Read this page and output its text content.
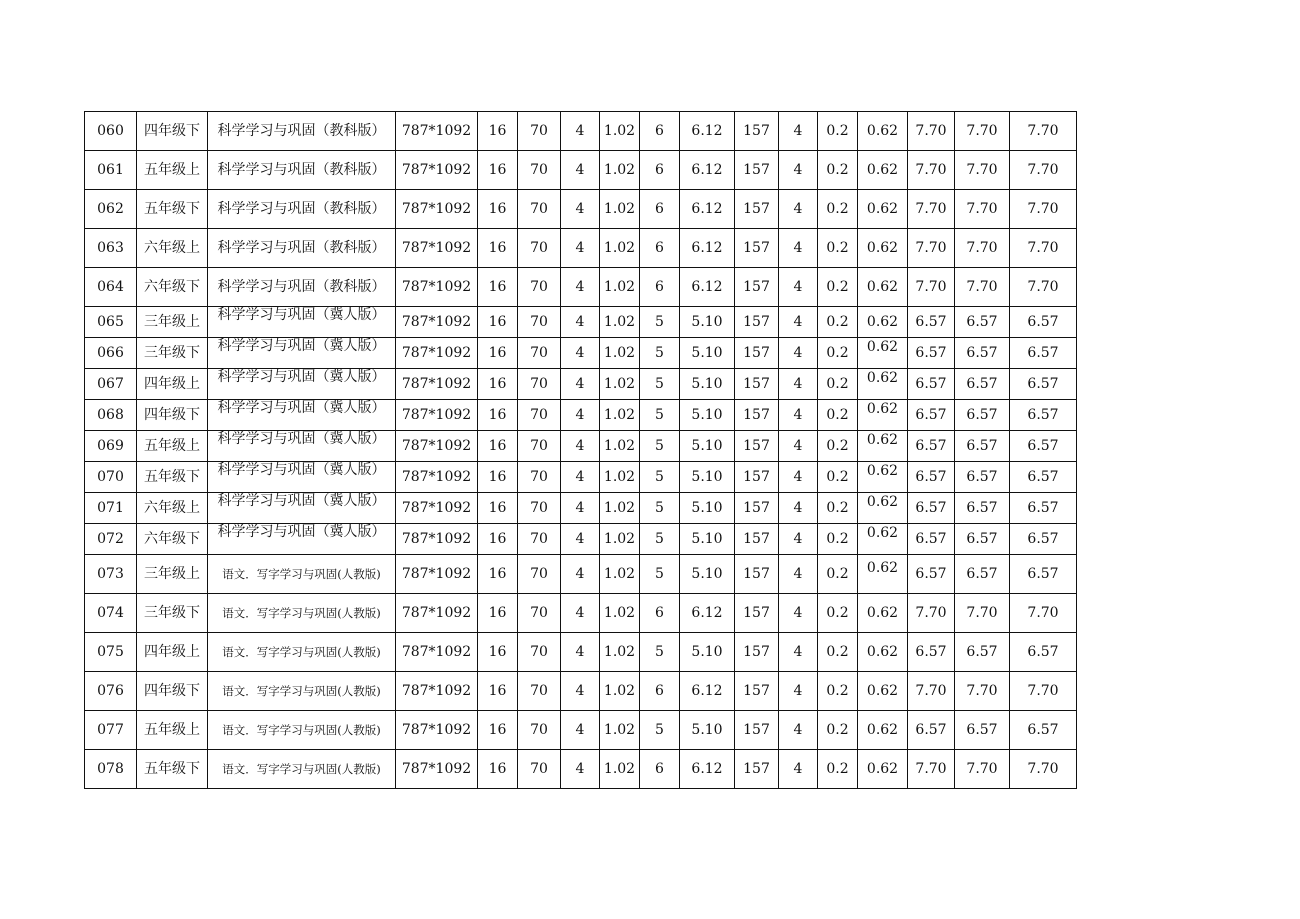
060	四年级下	科学学习与巩固（教科版）	787*1092	16	70	4	1.02	6	6.12	157	4	0.2	0.62	7.70	7.70	7.70
061	五年级上	科学学习与巩固（教科版）	787*1092	16	70	4	1.02	6	6.12	157	4	0.2	0.62	7.70	7.70	7.70
062	五年级下	科学学习与巩固（教科版）	787*1092	16	70	4	1.02	6	6.12	157	4	0.2	0.62	7.70	7.70	7.70
063	六年级上	科学学习与巩固（教科版）	787*1092	16	70	4	1.02	6	6.12	157	4	0.2	0.62	7.70	7.70	7.70
064	六年级下	科学学习与巩固（教科版）	787*1092	16	70	4	1.02	6	6.12	157	4	0.2	0.62	7.70	7.70	7.70
065	三年级上	科学学习与巩固（冀人版）	787*1092	16	70	4	1.02	5	5.10	157	4	0.2	0.62	6.57	6.57	6.57
066	三年级下	科学学习与巩固（冀人版）	787*1092	16	70	4	1.02	5	5.10	157	4	0.2	0.62	6.57	6.57	6.57
067	四年级上	科学学习与巩固（冀人版）	787*1092	16	70	4	1.02	5	5.10	157	4	0.2	0.62	6.57	6.57	6.57
068	四年级下	科学学习与巩固（冀人版）	787*1092	16	70	4	1.02	5	5.10	157	4	0.2	0.62	6.57	6.57	6.57
069	五年级上	科学学习与巩固（冀人版）	787*1092	16	70	4	1.02	5	5.10	157	4	0.2	0.62	6.57	6.57	6.57
070	五年级下	科学学习与巩固（冀人版）	787*1092	16	70	4	1.02	5	5.10	157	4	0.2	0.62	6.57	6.57	6.57
071	六年级上	科学学习与巩固（冀人版）	787*1092	16	70	4	1.02	5	5.10	157	4	0.2	0.62	6.57	6.57	6.57
072	六年级下	科学学习与巩固（冀人版）	787*1092	16	70	4	1.02	5	5.10	157	4	0.2	0.62	6.57	6.57	6.57
073	三年级上	语文．写字学习与巩固(人教版)	787*1092	16	70	4	1.02	5	5.10	157	4	0.2	0.62	6.57	6.57	6.57
074	三年级下	语文．写字学习与巩固(人教版)	787*1092	16	70	4	1.02	6	6.12	157	4	0.2	0.62	7.70	7.70	7.70
075	四年级上	语文．写字学习与巩固(人教版)	787*1092	16	70	4	1.02	5	5.10	157	4	0.2	0.62	6.57	6.57	6.57
076	四年级下	语文．写字学习与巩固(人教版)	787*1092	16	70	4	1.02	6	6.12	157	4	0.2	0.62	7.70	7.70	7.70
077	五年级上	语文．写字学习与巩固(人教版)	787*1092	16	70	4	1.02	5	5.10	157	4	0.2	0.62	6.57	6.57	6.57
078	五年级下	语文．写字学习与巩固(人教版)	787*1092	16	70	4	1.02	6	6.12	157	4	0.2	0.62	7.70	7.70	7.70
